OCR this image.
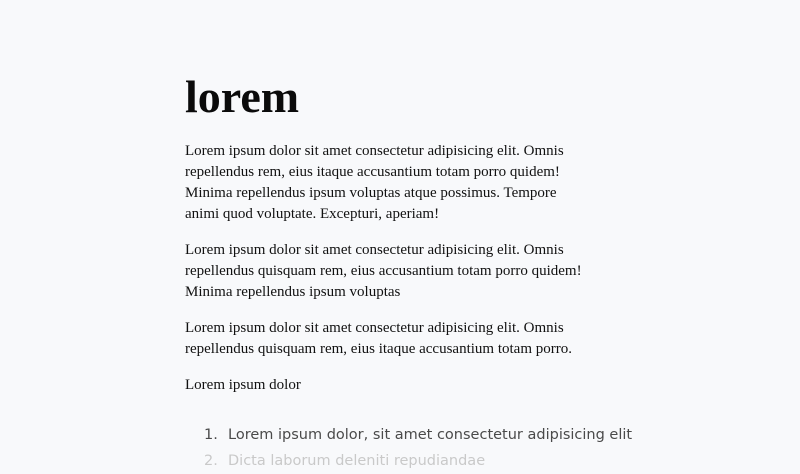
lorem

Lorem ipsum dolor sit amet consectetur adipisicing elit. Omnis repellendus rem, eius itaque accusantium totam porro quidem! Minima repellendus ipsum voluptas atque possimus. Tempore animi quod voluptate. Excepturi, aperiam!

Lorem ipsum dolor sit amet consectetur adipisicing elit. Omnis repellendus quisquam rem, eius accusantium totam porro quidem! Minima repellendus ipsum voluptas

Lorem ipsum dolor sit amet consectetur adipisicing elit. Omnis repellendus quisquam rem, eius itaque accusantium totam porro.

Lorem ipsum dolor

1. Lorem ipsum dolor, sit amet consectetur adipisicing elit
2. Dicta laborum deleniti repudiandae
